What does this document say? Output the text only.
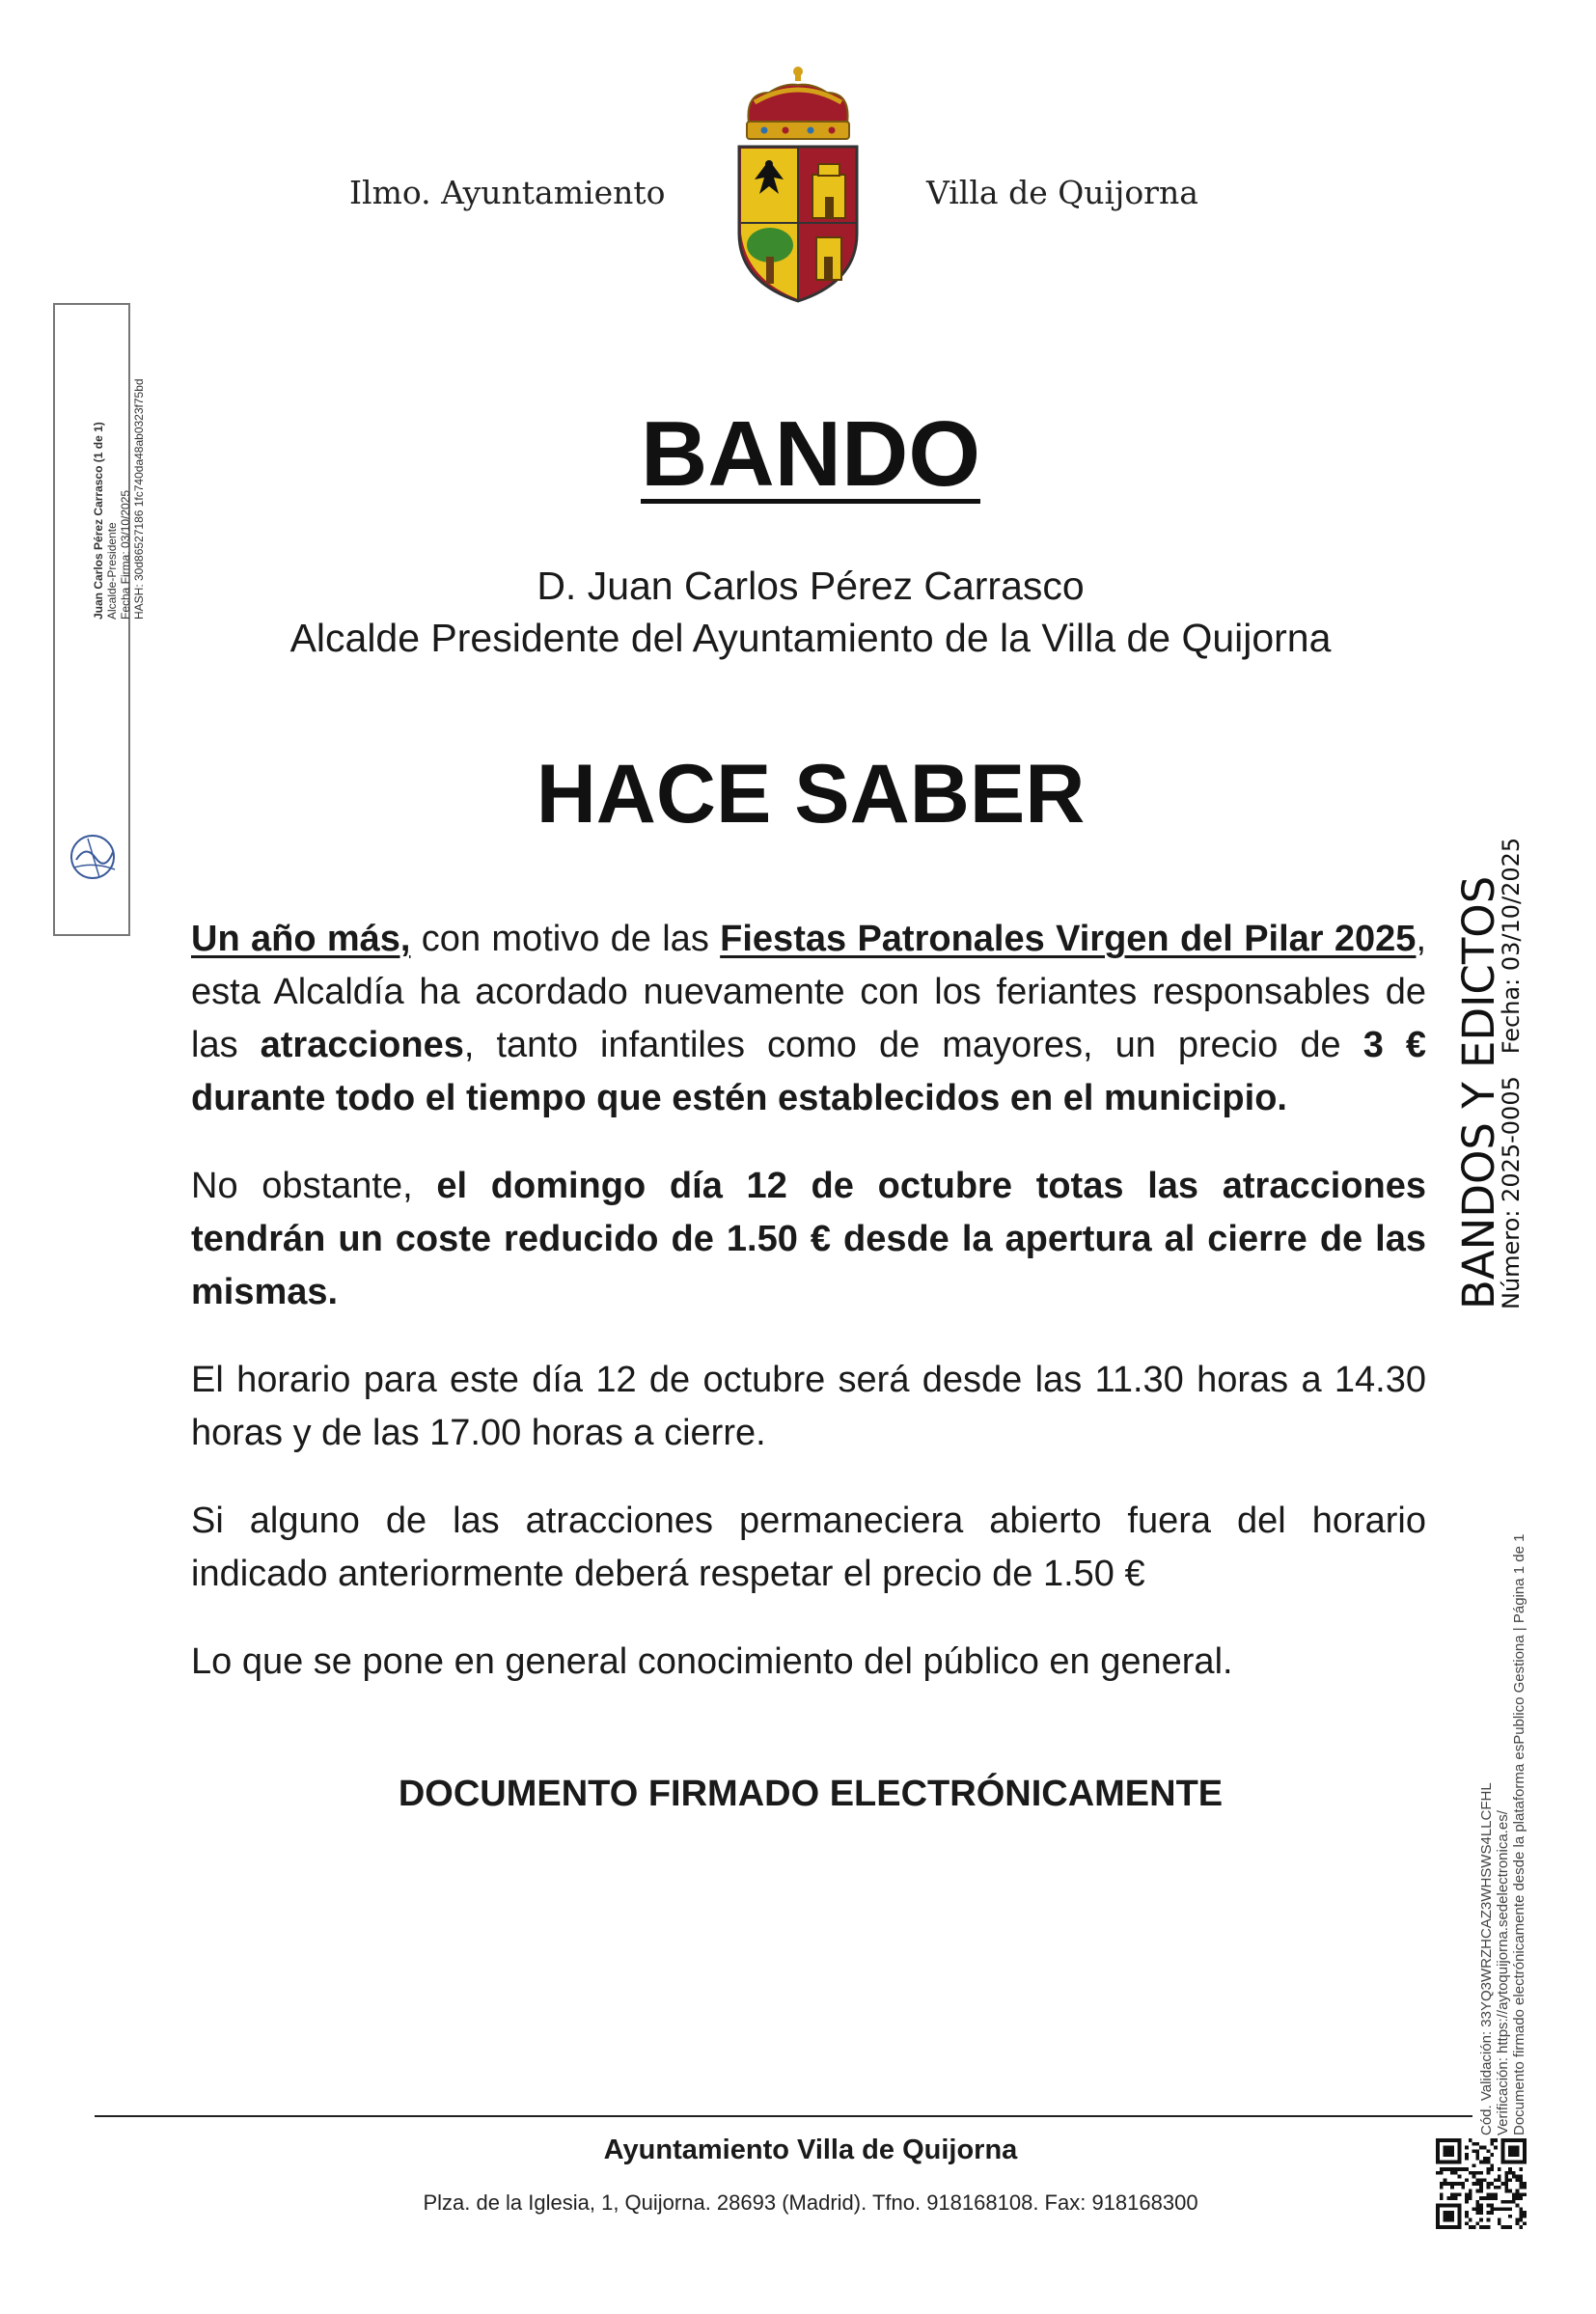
Ilmo. Ayuntamiento	Villa de Quijorna
BANDO
D. Juan Carlos Pérez Carrasco
Alcalde Presidente del Ayuntamiento de la Villa de Quijorna
HACE SABER

Un año más, con motivo de las Fiestas Patronales Virgen del Pilar 2025, esta Alcaldía ha acordado nuevamente con los feriantes responsables de las atracciones, tanto infantiles como de mayores, un precio de 3 € durante todo el tiempo que estén establecidos en el municipio.

No obstante, el domingo día 12 de octubre totas las atracciones tendrán un coste reducido de 1.50 € desde la apertura al cierre de las mismas.

El horario para este día 12 de octubre será desde las 11.30 horas a 14.30 horas y de las 17.00 horas a cierre.

Si alguno de las atracciones permaneciera abierto fuera del horario indicado anteriormente deberá respetar el precio de 1.50 €

Lo que se pone en general conocimiento del público en general.

DOCUMENTO FIRMADO ELECTRÓNICAMENTE
Ayuntamiento Villa de Quijorna
Plza. de la Iglesia, 1, Quijorna. 28693 (Madrid). Tfno. 918168108. Fax: 918168300
Juan Carlos Pérez Carrasco (1 de 1) Alcalde-Presidente Fecha Firma: 03/10/2025 HASH: 30d86527186 1fc740da48ab0323f75bd
BANDOS Y EDICTOS
Número: 2025-0005   Fecha: 03/10/2025
Cód. Validación: 33YQ3WRZHCAZ3WHSWS4LLCFHL Verificación: https://aytoquijorna.sedelectronica.es/ Documento firmado electrónicamente desde la plataforma esPublico Gestiona | Página 1 de 1
